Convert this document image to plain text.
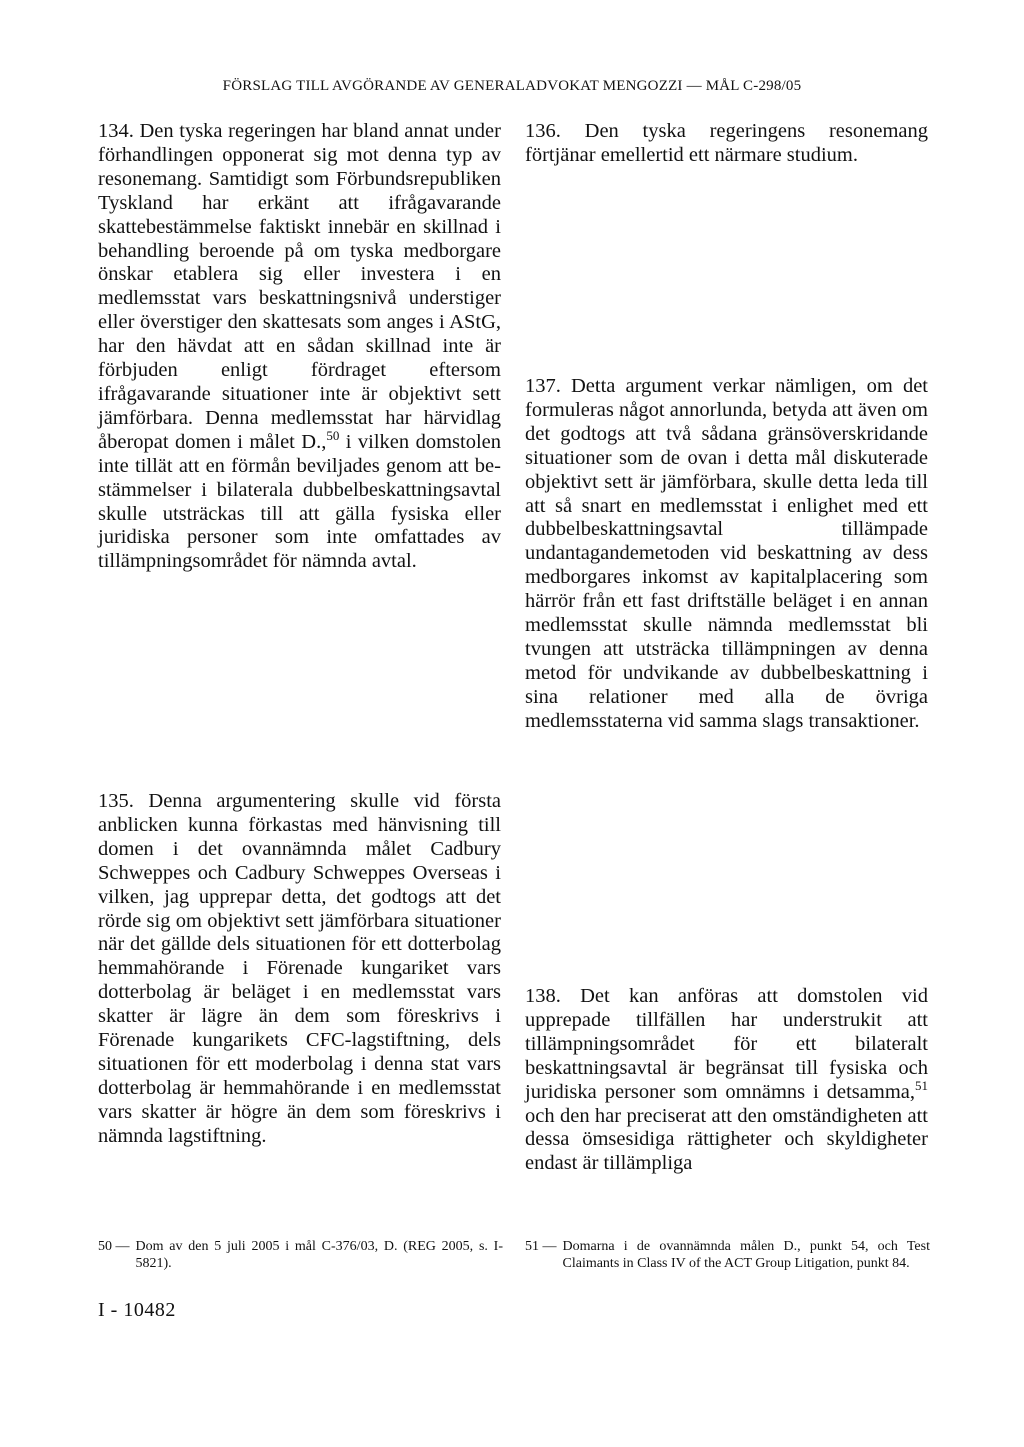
FÖRSLAG TILL AVGÖRANDE AV GENERALADVOKAT MENGOZZI — MÅL C-298/05

134. Den tyska regeringen har bland annat under förhandlingen opponerat sig mot denna typ av resonemang. Samtidigt som Förbundsrepubliken Tyskland har erkänt att ifrågavarande skattebestämmelse faktiskt innebär en skillnad i behandling beroende på om tyska medborgare önskar etablera sig eller investera i en medlemsstat vars beskattningsnivå understiger eller överstiger den skattesats som anges i AStG, har den hävdat att en sådan skillnad inte är förbjuden enligt fördraget eftersom ifrågavarande situationer inte är objektivt sett jämförbara. Denna medlemsstat har härvidlag åberopat domen i målet D.,$^{50}$ i vilken domstolen inte tillät att en förmån beviljades genom att bestämmelser i bilaterala dubbelbeskattningsavtal skulle utsträckas till att gälla fysiska eller juridiska personer som inte omfattades av tillämpningsområdet för nämnda avtal.

135. Denna argumentering skulle vid första anblicken kunna förkastas med hänvisning till domen i det ovannämnda målet Cadbury Schweppes och Cadbury Schweppes Overseas i vilken, jag upprepar detta, det godtogs att det rörde sig om objektivt sett jämförbara situationer när det gällde dels situationen för ett dotterbolag hemmahörande i Förenade kungariket vars dotterbolag är beläget i en medlemsstat vars skatter är lägre än dem som föreskrivs i Förenade kungarikets CFC-lagstiftning, dels situationen för ett moderbolag i denna stat vars dotterbolag är hemmahörande i en medlemsstat vars skatter är högre än dem som föreskrivs i nämnda lagstiftning.

136. Den tyska regeringens resonemang förtjänar emellertid ett närmare studium.

137. Detta argument verkar nämligen, om det formuleras något annorlunda, betyda att även om det godtogs att två sådana gränsöverskridande situationer som de ovan i detta mål diskuterade objektivt sett är jämförbara, skulle detta leda till att så snart en medlemsstat i enlighet med ett dubbelbeskattningsavtal tillämpade undantagandemetoden vid beskattning av dess medborgares inkomst av kapitalplacering som härrör från ett fast driftställe beläget i en annan medlemsstat skulle nämnda medlemsstat bli tvungen att utsträcka tillämpningen av denna metod för undvikande av dubbelbeskattning i sina relationer med alla de övriga medlemsstaterna vid samma slags transaktioner.

138. Det kan anföras att domstolen vid upprepade tillfällen har understrukit att tillämpningsområdet för ett bilateralt beskattningsavtal är begränsat till fysiska och juridiska personer som omnämns i detsamma,$^{51}$ och den har preciserat att den omständigheten att dessa ömsesidiga rättigheter och skyldigheter endast är tillämpliga

50 — Dom av den 5 juli 2005 i mål C-376/03, D. (REG 2005, s. I-5821).
51 — Domarna i de ovannämnda målen D., punkt 54, och Test Claimants in Class IV of the ACT Group Litigation, punkt 84.
I - 10482
